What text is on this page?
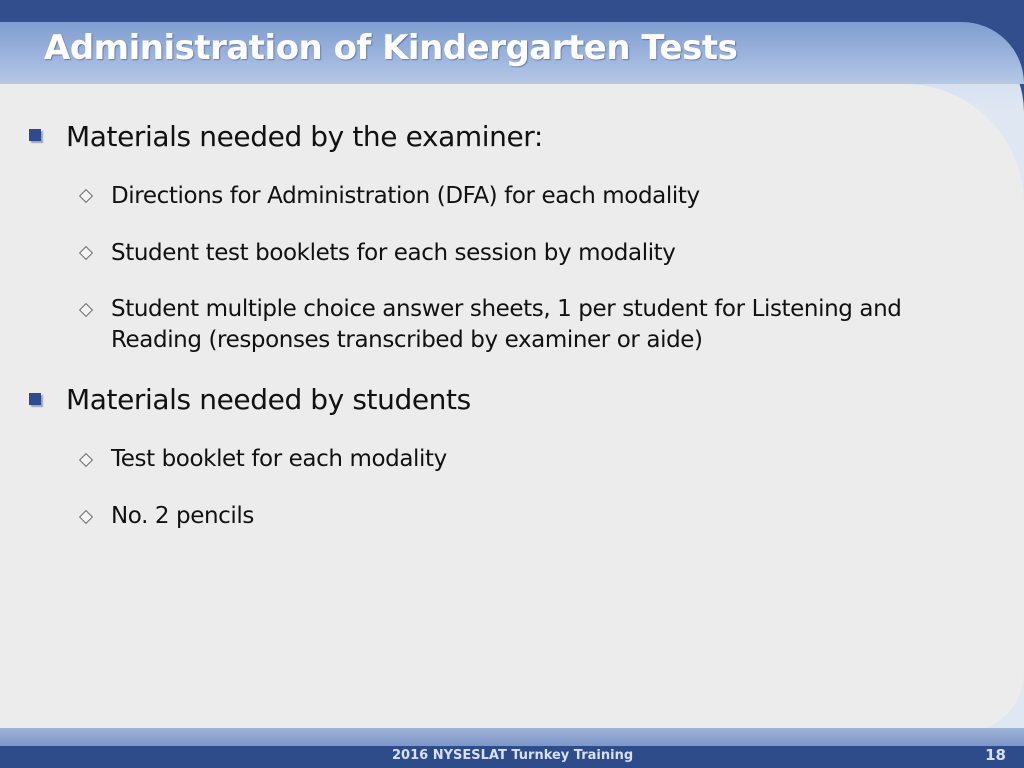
Administration of Kindergarten Tests
Materials needed by the examiner:
Directions for Administration (DFA) for each modality
Student test booklets for each session by modality
Student multiple choice answer sheets, 1 per student for Listening and Reading (responses transcribed by examiner or aide)
Materials needed by students
Test booklet for each modality
No. 2 pencils
2016 NYSESLAT Turnkey Training	18
